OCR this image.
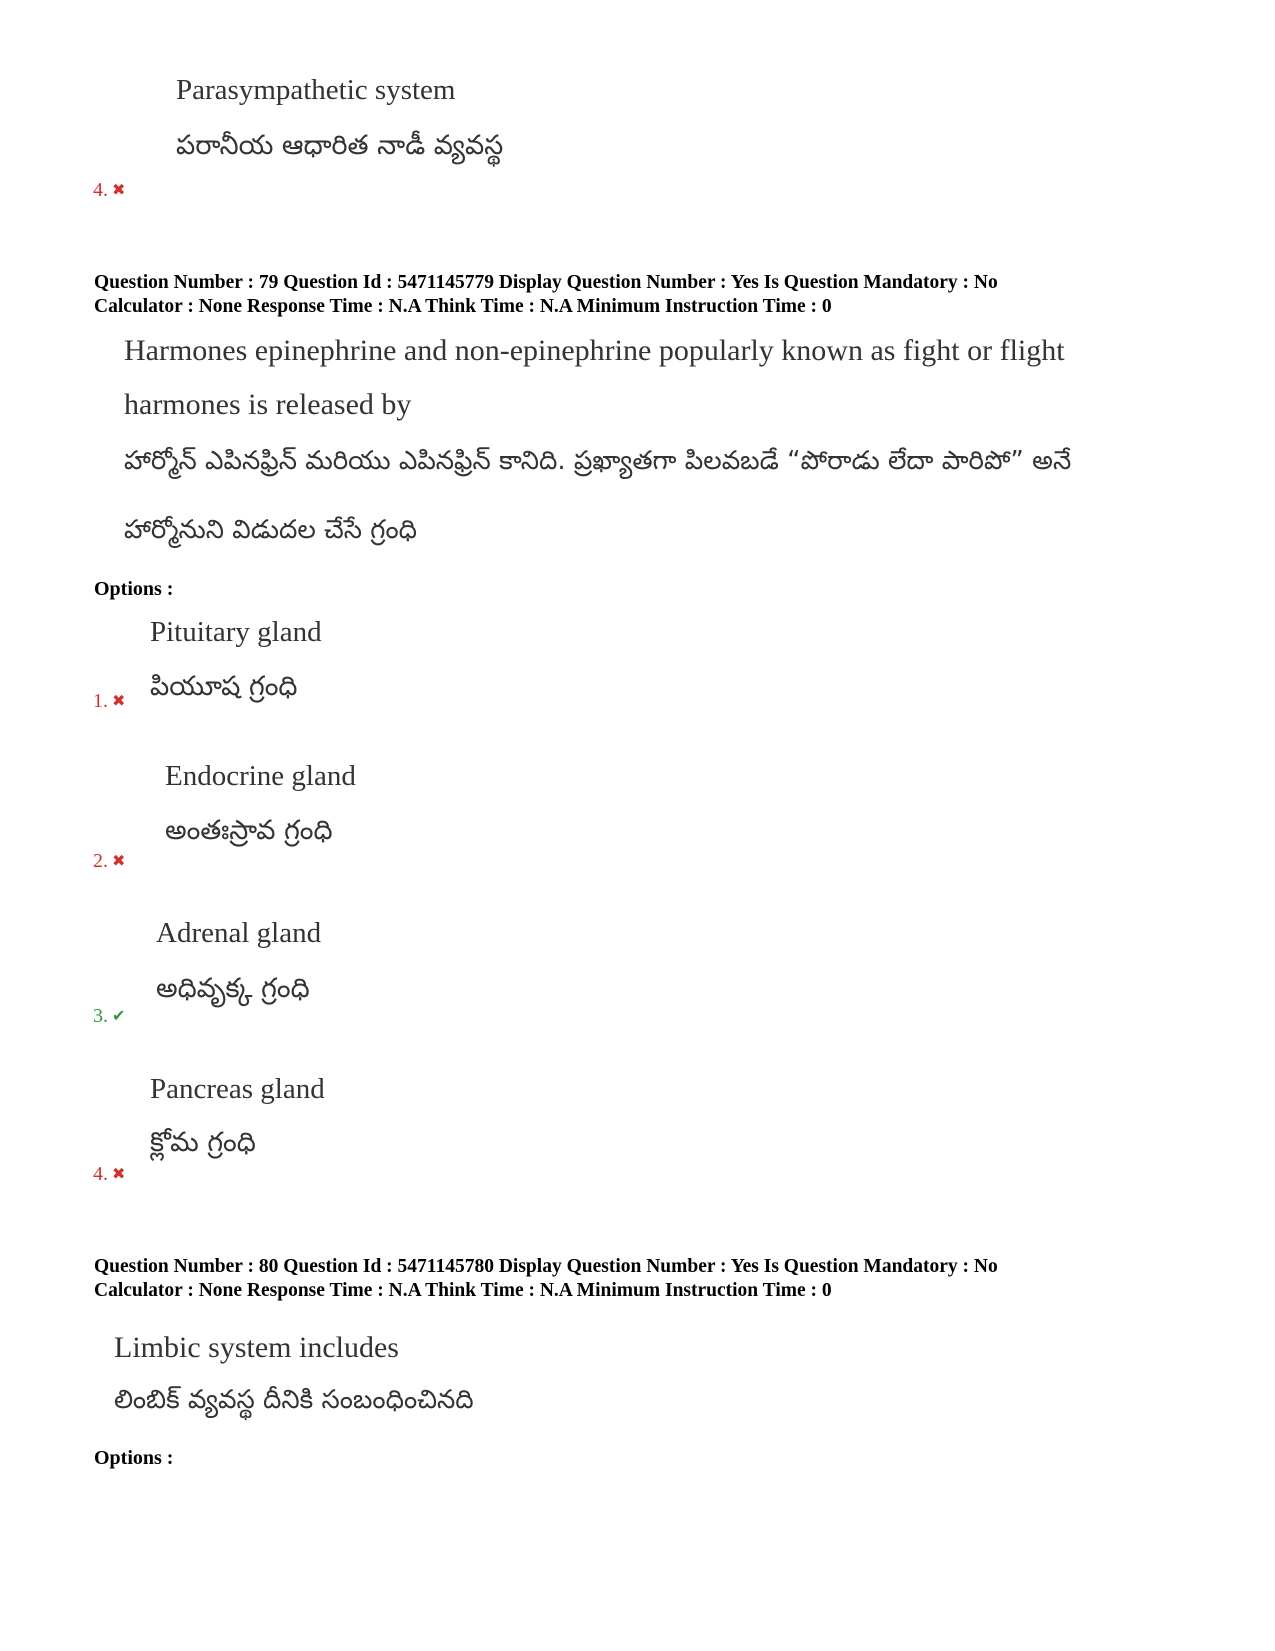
Parasympathetic system
పరానీయ ఆధారిత నాడీ వ్యవస్థ
4. ✖
Question Number : 79 Question Id : 5471145779 Display Question Number : Yes Is Question Mandatory : No
Calculator : None Response Time : N.A Think Time : N.A Minimum Instruction Time : 0
Harmones epinephrine and non-epinephrine popularly known as fight or flight
harmones is released by
హార్మోన్ ఎపినఫ్రిన్ మరియు ఎపినఫ్రిన్ కానిది. ప్రఖ్యాతగా పిలవబడే “పోరాడు లేదా పారిపో” అనే
హార్మోనుని విడుదల చేసే గ్రంధి
Options :
Pituitary gland
పియూష గ్రంధి
1. ✖
Endocrine gland
అంతఃస్రావ గ్రంధి
2. ✖
Adrenal gland
అధివృక్క గ్రంధి
3. ✔
Pancreas gland
క్లోమ గ్రంధి
4. ✖
Question Number : 80 Question Id : 5471145780 Display Question Number : Yes Is Question Mandatory : No
Calculator : None Response Time : N.A Think Time : N.A Minimum Instruction Time : 0
Limbic system includes
లింబిక్ వ్యవస్థ దీనికి సంబంధించినది
Options :
